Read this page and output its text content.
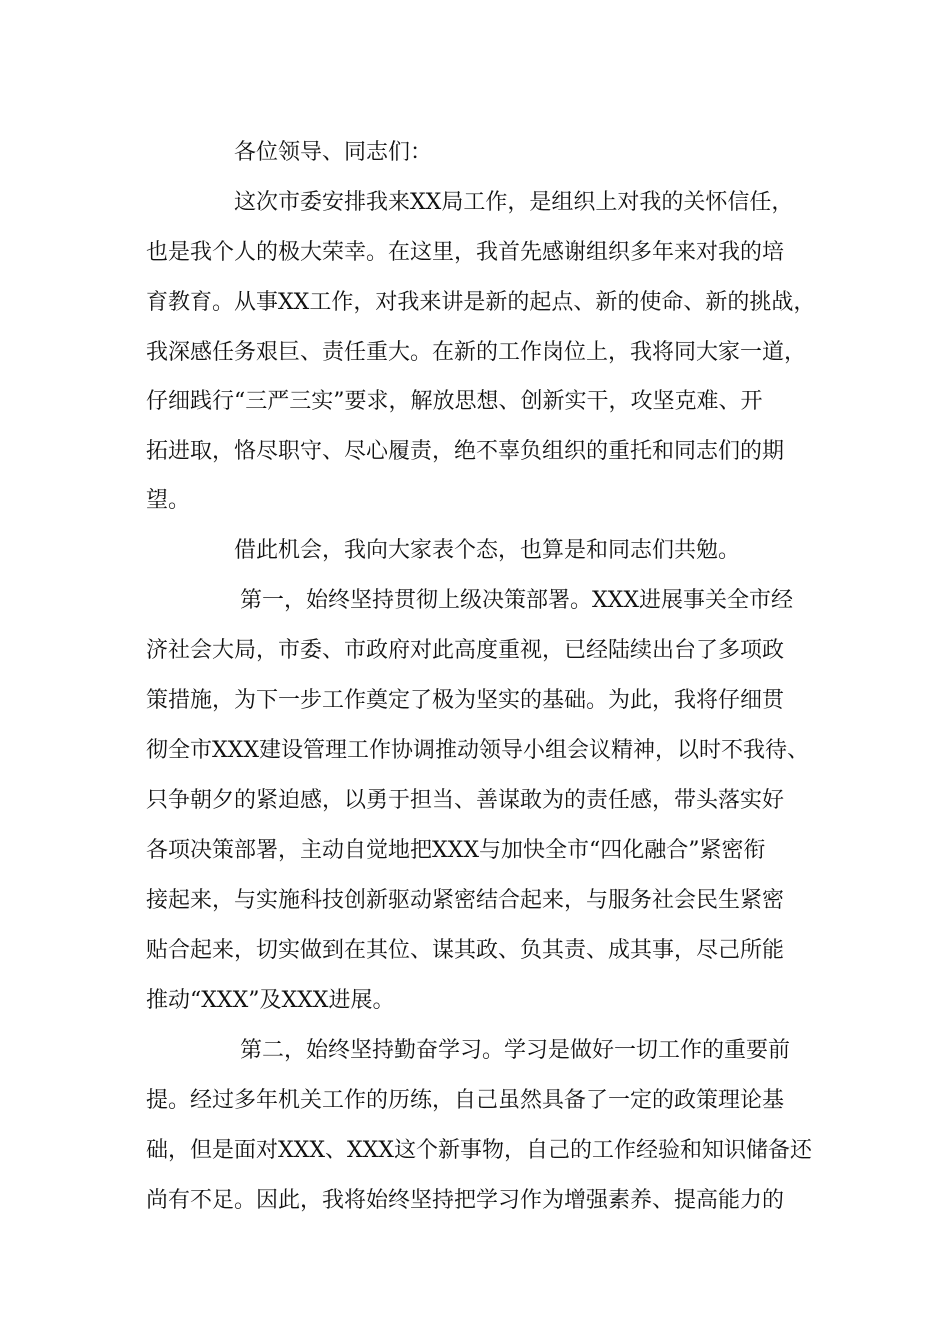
各位领导、同志们：
这次市委安排我来XX局工作，是组织上对我的关怀信任，
也是我个人的极大荣幸。在这里，我首先感谢组织多年来对我的培
育教育。从事XX工作，对我来讲是新的起点、新的使命、新的挑战，
我深感任务艰巨、责任重大。在新的工作岗位上，我将同大家一道，
仔细践行“三严三实”要求，解放思想、创新实干，攻坚克难、开
拓进取，恪尽职守、尽心履责，绝不辜负组织的重托和同志们的期
望。
借此机会，我向大家表个态，也算是和同志们共勉。
第一，始终坚持贯彻上级决策部署。XXX进展事关全市经
济社会大局，市委、市政府对此高度重视，已经陆续出台了多项政
策措施，为下一步工作奠定了极为坚实的基础。为此，我将仔细贯
彻全市XXX建设管理工作协调推动领导小组会议精神，以时不我待、
只争朝夕的紧迫感，以勇于担当、善谋敢为的责任感，带头落实好
各项决策部署，主动自觉地把XXX与加快全市“四化融合”紧密衔
接起来，与实施科技创新驱动紧密结合起来，与服务社会民生紧密
贴合起来，切实做到在其位、谋其政、负其责、成其事，尽己所能
推动“XXX”及XXX进展。
第二，始终坚持勤奋学习。学习是做好一切工作的重要前
提。经过多年机关工作的历练，自己虽然具备了一定的政策理论基
础，但是面对XXX、XXX这个新事物，自己的工作经验和知识储备还
尚有不足。因此，我将始终坚持把学习作为增强素养、提高能力的
